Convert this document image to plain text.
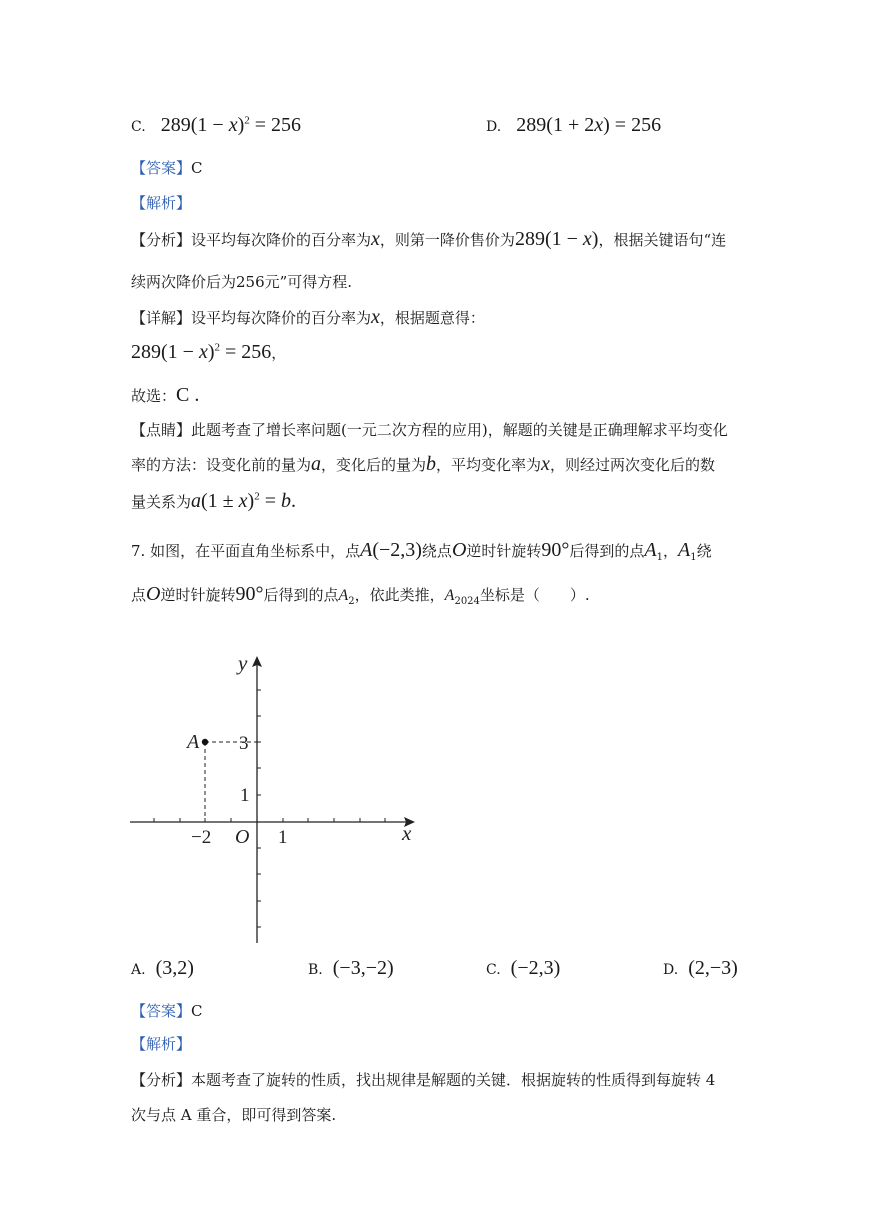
C. $289(1 - x)^2 = 256$	D. 289(1 + 2x) = 256
【答案】C
【解析】
【分析】设平均每次降价的百分率为x，则第一降价售价为289(1 − x)，根据关键语句“连
续两次降价后为256元”可得方程.
【详解】设平均每次降价的百分率为x，根据题意得：
$289(1 - x)^2 = 256$，
故选：C .
【点睛】此题考查了增长率问题(一元二次方程的应用)，解题的关键是正确理解求平均变化
率的方法：设变化前的量为a，变化后的量为b，平均变化率为x，则经过两次变化后的数
量关系为$a(1 \pm x)^2 = b$.
7. 如图，在平面直角坐标系中，点A(−2,3)绕点O逆时针旋转90°后得到的点$A_1$，$A_1$绕
点O逆时针旋转90°后得到的点$A_2$，依此类推，$A_{2024}$坐标是（　　）.
y
x
O
A 3
1
−2	1
A. (3,2)	B. (−3,−2)	C. (−2,3)	D. (2,−3)
【答案】C
【解析】
【分析】本题考查了旋转的性质，找出规律是解题的关键．根据旋转的性质得到每旋转 4
次与点 A 重合，即可得到答案.
